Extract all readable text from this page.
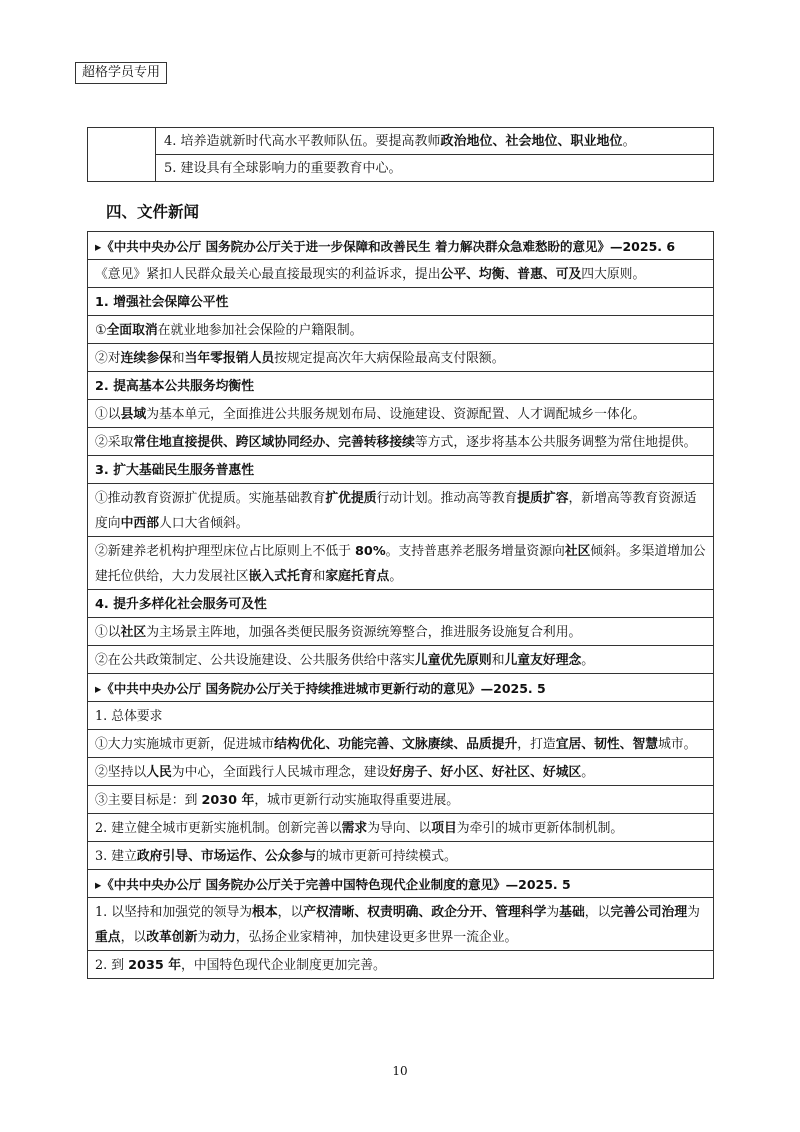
超格学员专用
4. 培养造就新时代高水平教师队伍。要提高教师政治地位、社会地位、职业地位。
5. 建设具有全球影响力的重要教育中心。
四、文件新闻
▸《中共中央办公厅 国务院办公厅关于进一步保障和改善民生 着力解决群众急难愁盼的意见》—2025. 6
《意见》紧扣人民群众最关心最直接最现实的利益诉求，提出公平、均衡、普惠、可及四大原则。
1. 增强社会保障公平性
①全面取消在就业地参加社会保险的户籍限制。
②对连续参保和当年零报销人员按规定提高次年大病保险最高支付限额。
2. 提高基本公共服务均衡性
①以县域为基本单元，全面推进公共服务规划布局、设施建设、资源配置、人才调配城乡一体化。
②采取常住地直接提供、跨区域协同经办、完善转移接续等方式，逐步将基本公共服务调整为常住地提供。
3. 扩大基础民生服务普惠性
①推动教育资源扩优提质。实施基础教育扩优提质行动计划。推动高等教育提质扩容，新增高等教育资源适度向中西部人口大省倾斜。
②新建养老机构护理型床位占比原则上不低于 80%。支持普惠养老服务增量资源向社区倾斜。多渠道增加公建托位供给，大力发展社区嵌入式托育和家庭托育点。
4. 提升多样化社会服务可及性
①以社区为主场景主阵地，加强各类便民服务资源统筹整合，推进服务设施复合利用。
②在公共政策制定、公共设施建设、公共服务供给中落实儿童优先原则和儿童友好理念。
▸《中共中央办公厅 国务院办公厅关于持续推进城市更新行动的意见》—2025. 5
1. 总体要求
①大力实施城市更新，促进城市结构优化、功能完善、文脉赓续、品质提升，打造宜居、韧性、智慧城市。
②坚持以人民为中心，全面践行人民城市理念，建设好房子、好小区、好社区、好城区。
③主要目标是：到 2030 年，城市更新行动实施取得重要进展。
2. 建立健全城市更新实施机制。创新完善以需求为导向、以项目为牵引的城市更新体制机制。
3. 建立政府引导、市场运作、公众参与的城市更新可持续模式。
▸《中共中央办公厅 国务院办公厅关于完善中国特色现代企业制度的意见》—2025. 5
1. 以坚持和加强党的领导为根本，以产权清晰、权责明确、政企分开、管理科学为基础，以完善公司治理为重点，以改革创新为动力，弘扬企业家精神，加快建设更多世界一流企业。
2. 到 2035 年，中国特色现代企业制度更加完善。
10
